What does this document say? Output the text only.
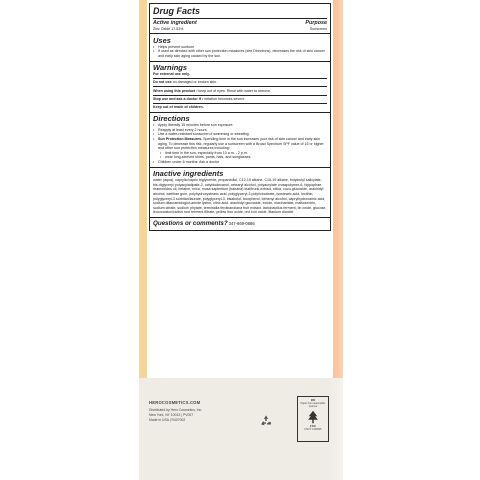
Drug Facts
Active ingredient	Purpose
Zinc Oxide 17.53%	Sunscreen
Uses
• Helps prevent sunburn
• If used as directed with other sun protection measures (see Directions), decreases the risk of skin cancer and early skin aging caused by the sun.
Warnings
For external use only.
Do not use on damaged or broken skin.
When using this product • keep out of eyes. Rinse with water to remove.
Stop use and ask a doctor if • irritation becomes severe.
Keep out of reach of children.
Directions
• Apply liberally 15 minutes before sun exposure.
• Reapply at least every 2 hours.
• Use a water-resistant sunscreen if swimming or sweating.
• Sun Protection Measures. Spending time in the sun increases your risk of skin cancer and early skin aging. To decrease this risk, regularly use a sunscreen with a Broad Spectrum SPF value of 15 or higher and other sun protection measures including:
• limit time in the sun, especially from 10 a.m. - 2 p.m.
• wear long-sleeved shirts, pants, hats, and sunglasses.
• Children under 6 months: Ask a doctor
Inactive ingredients
water (aqua), caprylic/capric triglyceride, propanediol, C12-15 alkane, C15-19 alkane, butyloctyl salicylate, bis-diglyceryl polyacyladipate-2, octyldodecanol, cetearyl alcohol, polyacrylate crosspolymer-6, hippophae rhamnoides oil, betaine, mica, musa sapientum (banana) leaf/trunk extract, silica, coco-glucoside, arachidyl alcohol, xanthan gum, polyhydroxystearic acid, polyglyceryl-3 polyricinoleate, isostearic acid, lecithin, polyglyceryl-3 sorbitan/laurate, polyglyceryl-3, bisabolol, tocopherol, behenyl alcohol, caprylhydroxamic acid, sodium dilauramidoglut-amide lysine, citric acid, arachidyl glucoside, ectoin, niacinamide, maltodextrin, sodium citrate, sodium phytate, terminalia ferdinandiana fruit extract, lactobacillus ferment, tin oxide, glucose, leuconostoc/radish root ferment filtrate, yellow iron oxide, red iron oxide, titanium dioxide
Questions or comments? 347-669-0686
HEROCOSMETICS.COM
Distributed by Hero Cosmetics, Inc.
New York, NY 10013 | PV007
Made in USA | R407002
MIX
Paper from responsible sources
FSC
FSC® C126645
